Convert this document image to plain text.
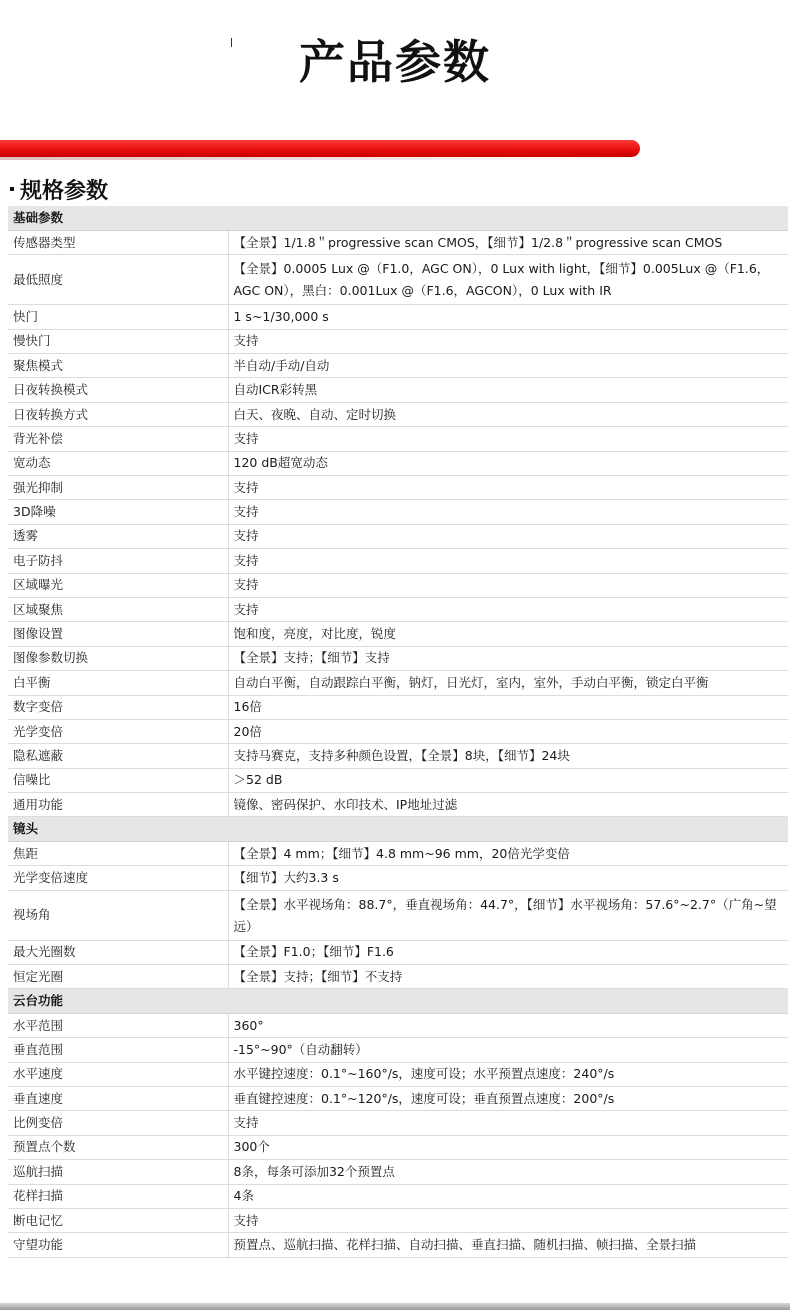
产品参数
规格参数
基础参数	
传感器类型	【全景】1/1.8＂progressive scan CMOS，【细节】1/2.8＂progressive scan CMOS
最低照度	【全景】0.0005 Lux @（F1.0，AGC ON），0 Lux with light，【细节】0.005Lux @（F1.6，AGC ON），黑白：0.001Lux @（F1.6，AGCON），0 Lux with IR
快门	1 s~1/30,000 s
慢快门	支持
聚焦模式	半自动/手动/自动
日夜转换模式	自动ICR彩转黑
日夜转换方式	白天、夜晚、自动、定时切换
背光补偿	支持
宽动态	120 dB超宽动态
强光抑制	支持
3D降噪	支持
透雾	支持
电子防抖	支持
区域曝光	支持
区域聚焦	支持
图像设置	饱和度，亮度，对比度，锐度
图像参数切换	【全景】支持；【细节】支持
白平衡	自动白平衡，自动跟踪白平衡，钠灯，日光灯，室内，室外，手动白平衡，锁定白平衡
数字变倍	16倍
光学变倍	20倍
隐私遮蔽	支持马赛克，支持多种颜色设置，【全景】8块，【细节】24块
信噪比	＞52 dB
通用功能	镜像、密码保护、水印技术、IP地址过滤
镜头	
焦距	【全景】4 mm；【细节】4.8 mm~96 mm，20倍光学变倍
光学变倍速度	【细节】大约3.3 s
视场角	【全景】水平视场角：88.7°，垂直视场角：44.7°，【细节】水平视场角：57.6°~2.7°（广角~望远）
最大光圈数	【全景】F1.0；【细节】F1.6
恒定光圈	【全景】支持；【细节】不支持
云台功能	
水平范围	360°
垂直范围	-15°~90°（自动翻转）
水平速度	水平键控速度：0.1°~160°/s，速度可设；水平预置点速度：240°/s
垂直速度	垂直键控速度：0.1°~120°/s，速度可设；垂直预置点速度：200°/s
比例变倍	支持
预置点个数	300个
巡航扫描	8条，每条可添加32个预置点
花样扫描	4条
断电记忆	支持
守望功能	预置点、巡航扫描、花样扫描、自动扫描、垂直扫描、随机扫描、帧扫描、全景扫描
